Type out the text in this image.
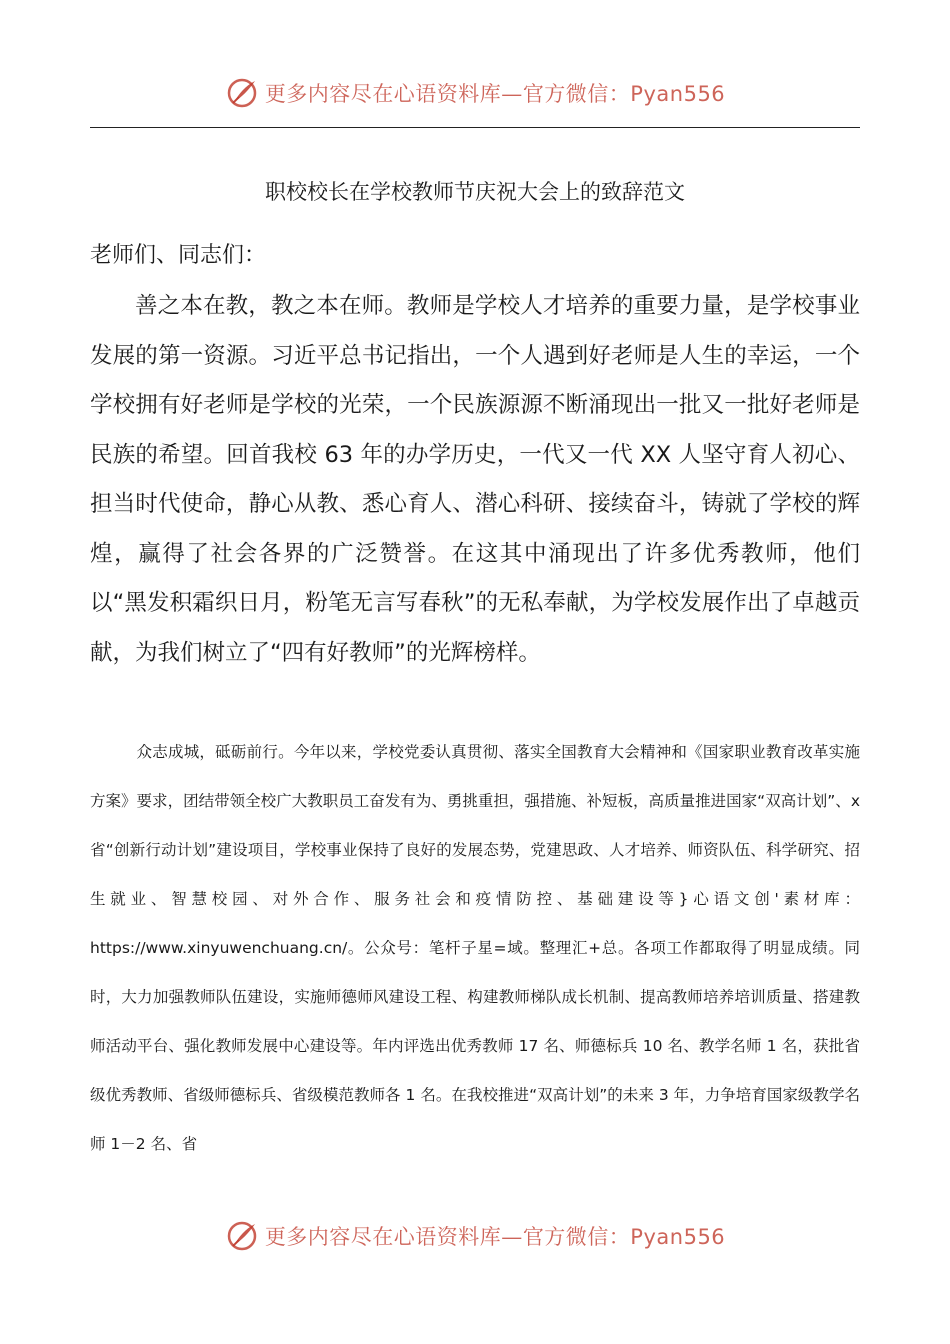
更多内容尽在心语资料库—官方微信：Pyan556
职校校长在学校教师节庆祝大会上的致辞范文
老师们、同志们：

善之本在教，教之本在师。教师是学校人才培养的重要力量，是学校事业发展的第一资源。习近平总书记指出，一个人遇到好老师是人生的幸运，一个学校拥有好老师是学校的光荣，一个民族源源不断涌现出一批又一批好老师是民族的希望。回首我校 63 年的办学历史，一代又一代 XX 人坚守育人初心、担当时代使命，静心从教、悉心育人、潜心科研、接续奋斗，铸就了学校的辉煌，赢得了社会各界的广泛赞誉。在这其中涌现出了许多优秀教师，他们以“黑发积霜织日月，粉笔无言写春秋”的无私奉献，为学校发展作出了卓越贡献，为我们树立了“四有好教师”的光辉榜样。

众志成城，砥砺前行。今年以来，学校党委认真贯彻、落实全国教育大会精神和《国家职业教育改革实施方案》要求，团结带领全校广大教职员工奋发有为、勇挑重担，强措施、补短板，高质量推进国家“双高计划”、x 省“创新行动计划”建设项目，学校事业保持了良好的发展态势，党建思政、人才培养、师资队伍、科学研究、招生就业、智慧校园、对外合作、服务社会和疫情防控、基础建设等}心语文创'素材库：https://www.xinyuwenchuang.cn/。公众号：笔杆子星=域。整理汇+总。各项工作都取得了明显成绩。同时，大力加强教师队伍建设，实施师德师风建设工程、构建教师梯队成长机制、提高教师培养培训质量、搭建教师活动平台、强化教师发展中心建设等。年内评选出优秀教师 17 名、师德标兵 10 名、教学名师 1 名，获批省级优秀教师、省级师德标兵、省级模范教师各 1 名。在我校推进“双高计划”的未来 3 年，力争培育国家级教学名师 1－2 名、省

更多内容尽在心语资料库—官方微信：Pyan556
